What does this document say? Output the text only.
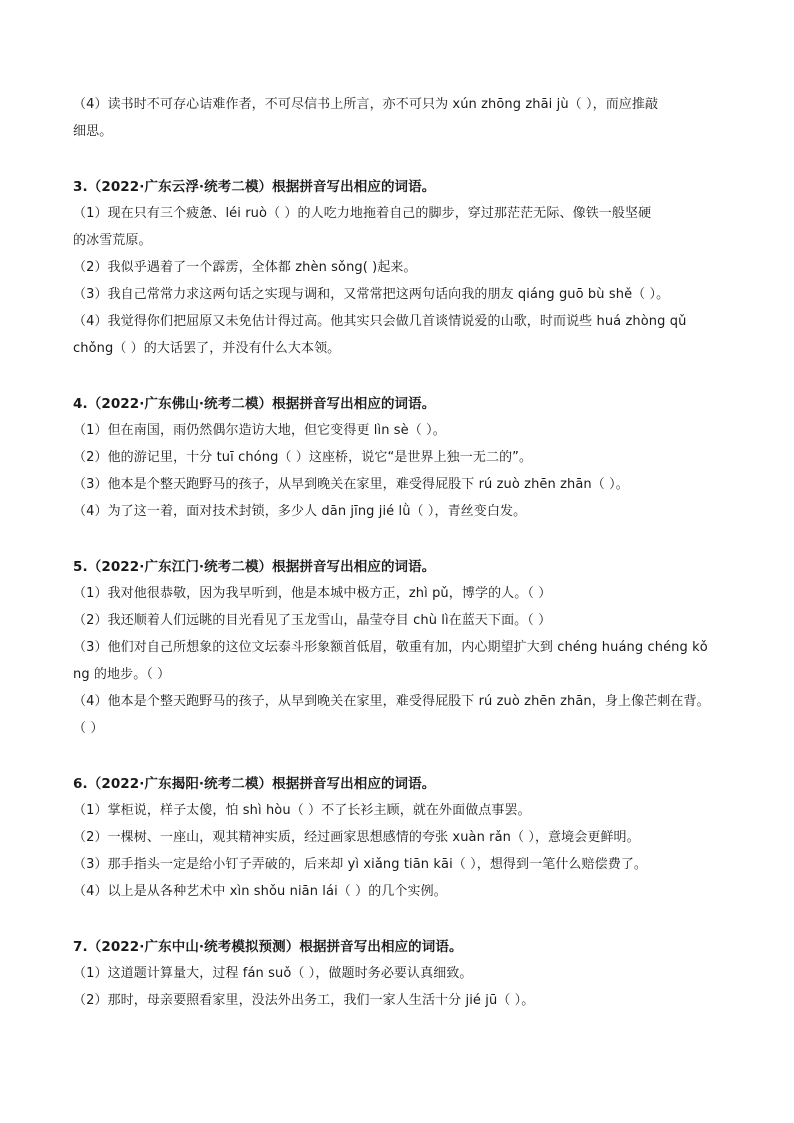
（4）读书时不可存心诘难作者，不可尽信书上所言，亦不可只为 xún zhōng zhāi jù（ ），而应推敲
细思。
3.（2022·广东云浮·统考二模）根据拼音写出相应的词语。
（1）现在只有三个疲惫、léi ruò（ ）的人吃力地拖着自己的脚步，穿过那茫茫无际、像铁一般坚硬
的冰雪荒原。
（2）我似乎遇着了一个霹雳，全体都 zhèn sǒng( )起来。
（3）我自己常常力求这两句话之实现与调和，又常常把这两句话向我的朋友 qiáng guō bù shě（ ）。
（4）我觉得你们把屈原又未免估计得过高。他其实只会做几首谈情说爱的山歌，时而说些 huá zhòng qǔ
chǒng（ ）的大话罢了，并没有什么大本领。
4.（2022·广东佛山·统考二模）根据拼音写出相应的词语。
（1）但在南国，雨仍然偶尔造访大地，但它变得更 lìn sè（ ）。
（2）他的游记里，十分 tuī chóng（ ）这座桥，说它“是世界上独一无二的”。
（3）他本是个整天跑野马的孩子，从早到晚关在家里，难受得屁股下 rú zuò zhēn zhān（ ）。
（4）为了这一着，面对技术封锁，多少人 dān jīng jié lǜ（ ），青丝变白发。
5.（2022·广东江门·统考二模）根据拼音写出相应的词语。
（1）我对他很恭敬，因为我早听到，他是本城中极方正，zhì pǔ，博学的人。（ ）
（2）我还顺着人们远眺的目光看见了玉龙雪山，晶莹夺目 chù lì在蓝天下面。（ ）
（3）他们对自己所想象的这位文坛泰斗形象额首低眉，敬重有加，内心期望扩大到 chéng huáng chéng kǒ
ng 的地步。（ ）
（4）他本是个整天跑野马的孩子，从早到晚关在家里，难受得屁股下 rú zuò zhēn zhān，身上像芒刺在背。
（ ）
6.（2022·广东揭阳·统考二模）根据拼音写出相应的词语。
（1）掌柜说，样子太傻，怕 shì hòu（ ）不了长衫主顾，就在外面做点事罢。
（2）一棵树、一座山，观其精神实质，经过画家思想感情的夸张 xuàn rǎn（ ），意境会更鲜明。
（3）那手指头一定是给小钉子弄破的，后来却 yì xiǎng tiān kāi（ ），想得到一笔什么赔偿费了。
（4）以上是从各种艺术中 xìn shǒu niān lái（ ）的几个实例。
7.（2022·广东中山·统考模拟预测）根据拼音写出相应的词语。
（1）这道题计算量大，过程 fán suǒ（ ），做题时务必要认真细致。
（2）那时，母亲要照看家里，没法外出务工，我们一家人生活十分 jié jū（ ）。
